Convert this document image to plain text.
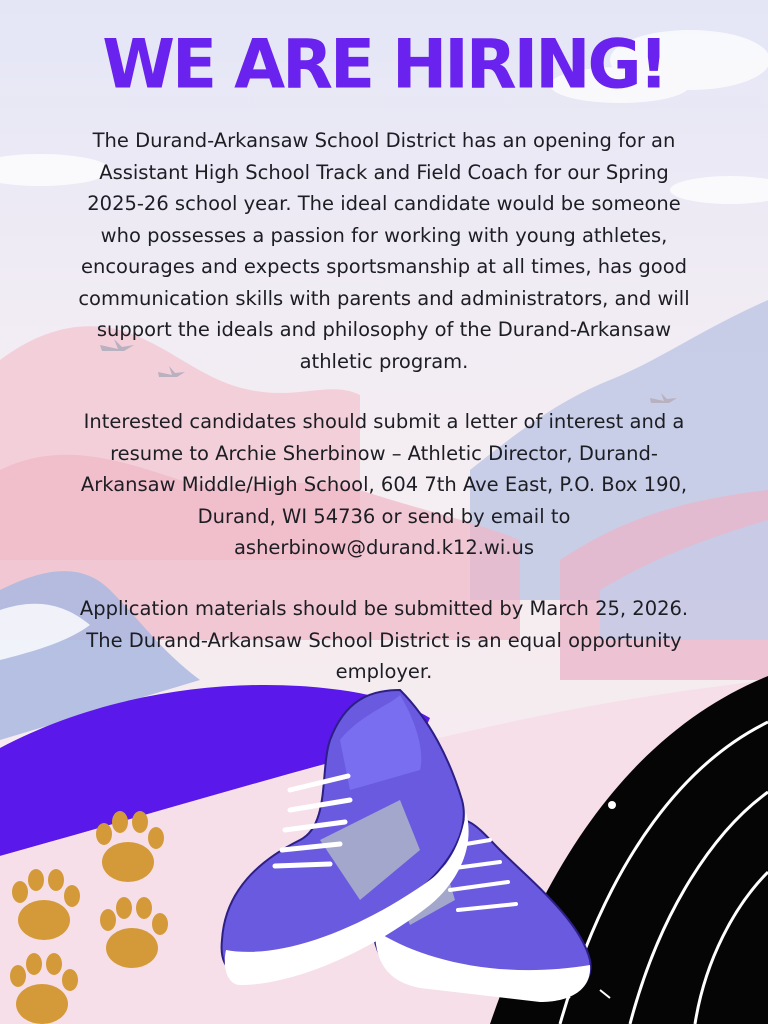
WE ARE HIRING!

The Durand-Arkansaw School District has an opening for an
Assistant High School Track and Field Coach for our Spring
2025-26 school year. The ideal candidate would be someone
who possesses a passion for working with young athletes,
encourages and expects sportsmanship at all times, has good
communication skills with parents and administrators, and will
support the ideals and philosophy of the Durand-Arkansaw
athletic program.

Interested candidates should submit a letter of interest and a
resume to Archie Sherbinow – Athletic Director, Durand-
Arkansaw Middle/High School, 604 7th Ave East, P.O. Box 190,
Durand, WI 54736 or send by email to
asherbinow@durand.k12.wi.us

Application materials should be submitted by March 25, 2026.
The Durand-Arkansaw School District is an equal opportunity
employer.
